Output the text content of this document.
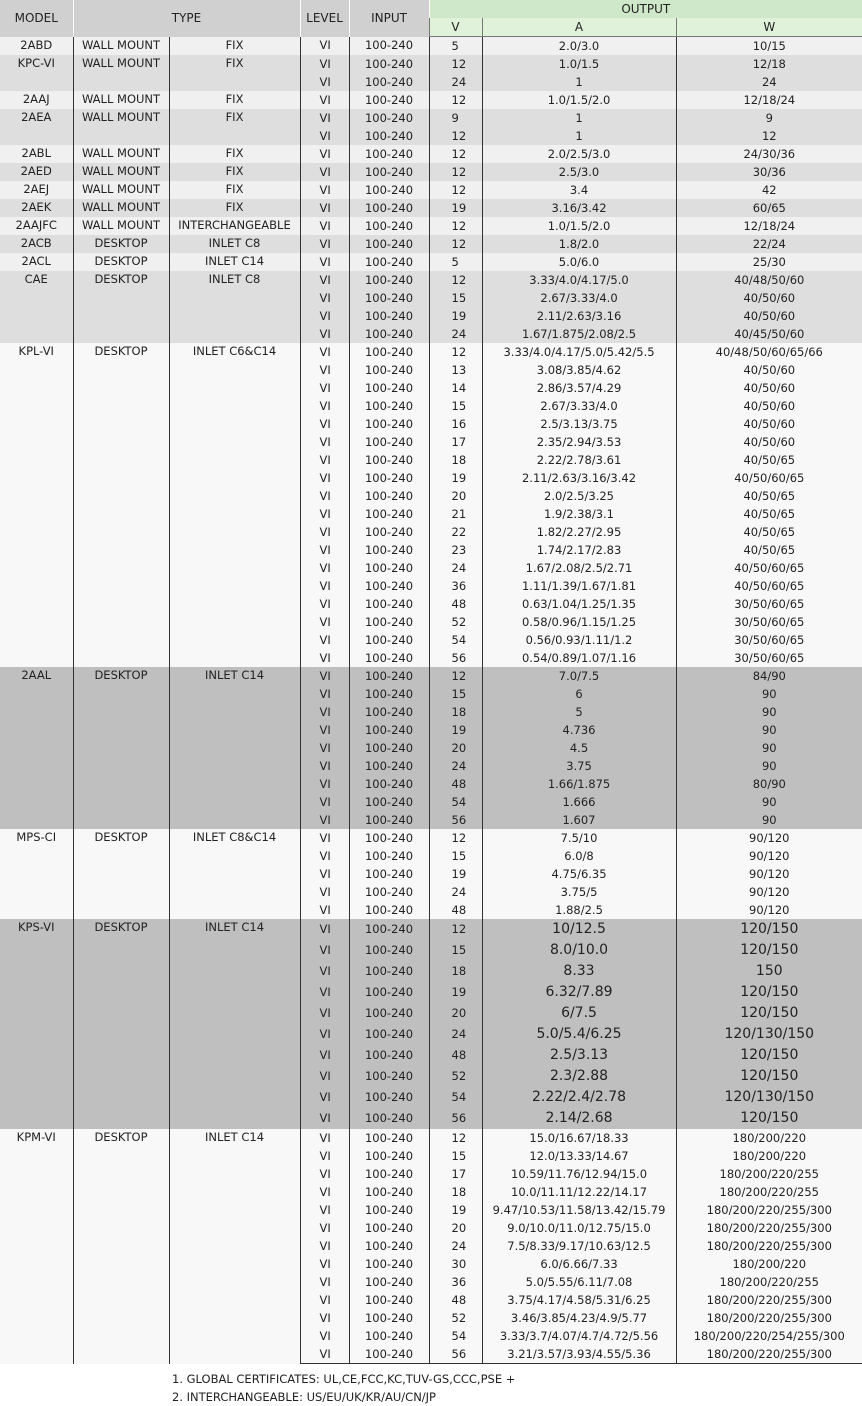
MODEL	TYPE		LEVEL	INPUT	OUTPUT		
					V	A	W
2ABD	WALL MOUNT	FIX	VI	100-240	5	2.0/3.0	10/15
KPC-VI	WALL MOUNT	FIX	VI	100-240	12	1.0/1.5	12/18
			VI	100-240	24	1	24
2AAJ	WALL MOUNT	FIX	VI	100-240	12	1.0/1.5/2.0	12/18/24
2AEA	WALL MOUNT	FIX	VI	100-240	9	1	9
			VI	100-240	12	1	12
2ABL	WALL MOUNT	FIX	VI	100-240	12	2.0/2.5/3.0	24/30/36
2AED	WALL MOUNT	FIX	VI	100-240	12	2.5/3.0	30/36
2AEJ	WALL MOUNT	FIX	VI	100-240	12	3.4	42
2AEK	WALL MOUNT	FIX	VI	100-240	19	3.16/3.42	60/65
2AAJFC	WALL MOUNT	INTERCHANGEABLE	VI	100-240	12	1.0/1.5/2.0	12/18/24
2ACB	DESKTOP	INLET C8	VI	100-240	12	1.8/2.0	22/24
2ACL	DESKTOP	INLET C14	VI	100-240	5	5.0/6.0	25/30
CAE	DESKTOP	INLET C8	VI	100-240	12	3.33/4.0/4.17/5.0	40/48/50/60
			VI	100-240	15	2.67/3.33/4.0	40/50/60
			VI	100-240	19	2.11/2.63/3.16	40/50/60
			VI	100-240	24	1.67/1.875/2.08/2.5	40/45/50/60
KPL-VI	DESKTOP	INLET C6&C14	VI	100-240	12	3.33/4.0/4.17/5.0/5.42/5.5	40/48/50/60/65/66
			VI	100-240	13	3.08/3.85/4.62	40/50/60
			VI	100-240	14	2.86/3.57/4.29	40/50/60
			VI	100-240	15	2.67/3.33/4.0	40/50/60
			VI	100-240	16	2.5/3.13/3.75	40/50/60
			VI	100-240	17	2.35/2.94/3.53	40/50/60
			VI	100-240	18	2.22/2.78/3.61	40/50/65
			VI	100-240	19	2.11/2.63/3.16/3.42	40/50/60/65
			VI	100-240	20	2.0/2.5/3.25	40/50/65
			VI	100-240	21	1.9/2.38/3.1	40/50/65
			VI	100-240	22	1.82/2.27/2.95	40/50/65
			VI	100-240	23	1.74/2.17/2.83	40/50/65
			VI	100-240	24	1.67/2.08/2.5/2.71	40/50/60/65
			VI	100-240	36	1.11/1.39/1.67/1.81	40/50/60/65
			VI	100-240	48	0.63/1.04/1.25/1.35	30/50/60/65
			VI	100-240	52	0.58/0.96/1.15/1.25	30/50/60/65
			VI	100-240	54	0.56/0.93/1.11/1.2	30/50/60/65
			VI	100-240	56	0.54/0.89/1.07/1.16	30/50/60/65
2AAL	DESKTOP	INLET C14	VI	100-240	12	7.0/7.5	84/90
			VI	100-240	15	6	90
			VI	100-240	18	5	90
			VI	100-240	19	4.736	90
			VI	100-240	20	4.5	90
			VI	100-240	24	3.75	90
			VI	100-240	48	1.66/1.875	80/90
			VI	100-240	54	1.666	90
			VI	100-240	56	1.607	90
MPS-CI	DESKTOP	INLET C8&C14	VI	100-240	12	7.5/10	90/120
			VI	100-240	15	6.0/8	90/120
			VI	100-240	19	4.75/6.35	90/120
			VI	100-240	24	3.75/5	90/120
			VI	100-240	48	1.88/2.5	90/120
KPS-VI	DESKTOP	INLET C14	VI	100-240	12	10/12.5	120/150
			VI	100-240	15	8.0/10.0	120/150
			VI	100-240	18	8.33	150
			VI	100-240	19	6.32/7.89	120/150
			VI	100-240	20	6/7.5	120/150
			VI	100-240	24	5.0/5.4/6.25	120/130/150
			VI	100-240	48	2.5/3.13	120/150
			VI	100-240	52	2.3/2.88	120/150
			VI	100-240	54	2.22/2.4/2.78	120/130/150
			VI	100-240	56	2.14/2.68	120/150
KPM-VI	DESKTOP	INLET C14	VI	100-240	12	15.0/16.67/18.33	180/200/220
			VI	100-240	15	12.0/13.33/14.67	180/200/220
			VI	100-240	17	10.59/11.76/12.94/15.0	180/200/220/255
			VI	100-240	18	10.0/11.11/12.22/14.17	180/200/220/255
			VI	100-240	19	9.47/10.53/11.58/13.42/15.79	180/200/220/255/300
			VI	100-240	20	9.0/10.0/11.0/12.75/15.0	180/200/220/255/300
			VI	100-240	24	7.5/8.33/9.17/10.63/12.5	180/200/220/255/300
			VI	100-240	30	6.0/6.66/7.33	180/200/220
			VI	100-240	36	5.0/5.55/6.11/7.08	180/200/220/255
			VI	100-240	48	3.75/4.17/4.58/5.31/6.25	180/200/220/255/300
			VI	100-240	52	3.46/3.85/4.23/4.9/5.77	180/200/220/255/300
			VI	100-240	54	3.33/3.7/4.07/4.7/4.72/5.56	180/200/220/254/255/300
			VI	100-240	56	3.21/3.57/3.93/4.55/5.36	180/200/220/255/300
1. GLOBAL CERTIFICATES: UL,CE,FCC,KC,TUV-GS,CCC,PSE +
2. INTERCHANGEABLE: US/EU/UK/KR/AU/CN/JP
